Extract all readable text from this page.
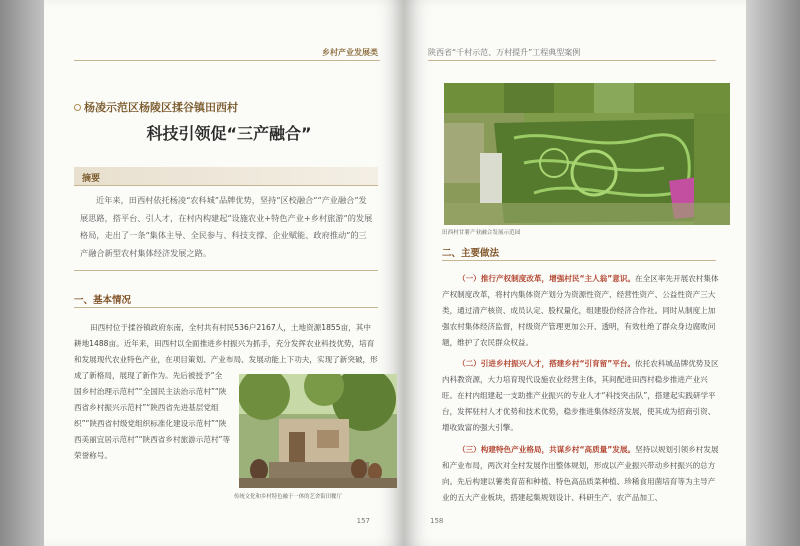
乡村产业发展类
杨凌示范区杨陵区揉谷镇田西村
科技引领促“三产融合”
摘要
近年来，田西村依托杨凌“农科城”品牌优势，坚持“区校融合”“产业融合”发展思路，搭平台、引人才，在村内构建起“设施农业+特色产业+乡村旅游”的发展格局，走出了一条“集体主导、全民参与、科技支撑、企业赋能、政府推动”的三产融合新型农村集体经济发展之路。
一、基本情况
田西村位于揉谷镇政府东南，全村共有村民536户2167人，土地资源1855亩，其中耕地1488亩。近年来，田西村以全面推进乡村振兴为抓手，充分发挥农业科技优势，培育和发展现代农业特色产业，在项目策划、产业布局、发展动能上下功夫，实现了新突破，形成了新格局，展现了新作为。先后被授予“全
国乡村治理示范村”“全国民主法治示范村”“陕西省乡村振兴示范村”“陕西省先进基层党组织”“陕西省村级党组织标准化建设示范村”“陕西美丽宜居示范村”“陕西省乡村旅游示范村”等荣誉称号。
传统文化和乡村特色融于一体的艺舍街田餐厅
157
陕西省“千村示范、万村提升”工程典型案例
田西村甘薯产业融合发展示范园
二、主要做法
（一）推行产权制度改革，增强村民“主人翁”意识。在全区率先开展农村集体产权制度改革，将村内集体资产划分为资源性资产、经营性资产、公益性资产三大类，通过清产核资、成员认定、股权量化，组建股份经济合作社。同时从制度上加强农村集体经济监督，村级资产管理更加公开、透明，有效杜绝了群众身边腐败问题，维护了农民群众权益。
（二）引进乡村振兴人才，搭建乡村“引育留”平台。依托农科城品牌优势及区内科教资源，大力培育现代设施农业经营主体，其间配进田西村稳步推进产业兴旺。在村内组建起一支助推产业振兴的专业人才“科技突击队”，搭建起实践研学平台，发挥驻村人才优势和技术优势，稳步推进集体经济发展，使其成为招商引资、增收致富的强大引擎。
（三）构建特色产业格局，共谋乡村“高质量”发展。坚持以规划引领乡村发展和产业布局，两次对全村发展作出整体规划，形成以产业振兴带动乡村振兴的总方向。先后构建以薯类育苗和种植、特色高品质菜种植、珍稀食用菌培育等为主导产业的五大产业板块，搭建起集规划设计、科研生产、农产品加工、
158
